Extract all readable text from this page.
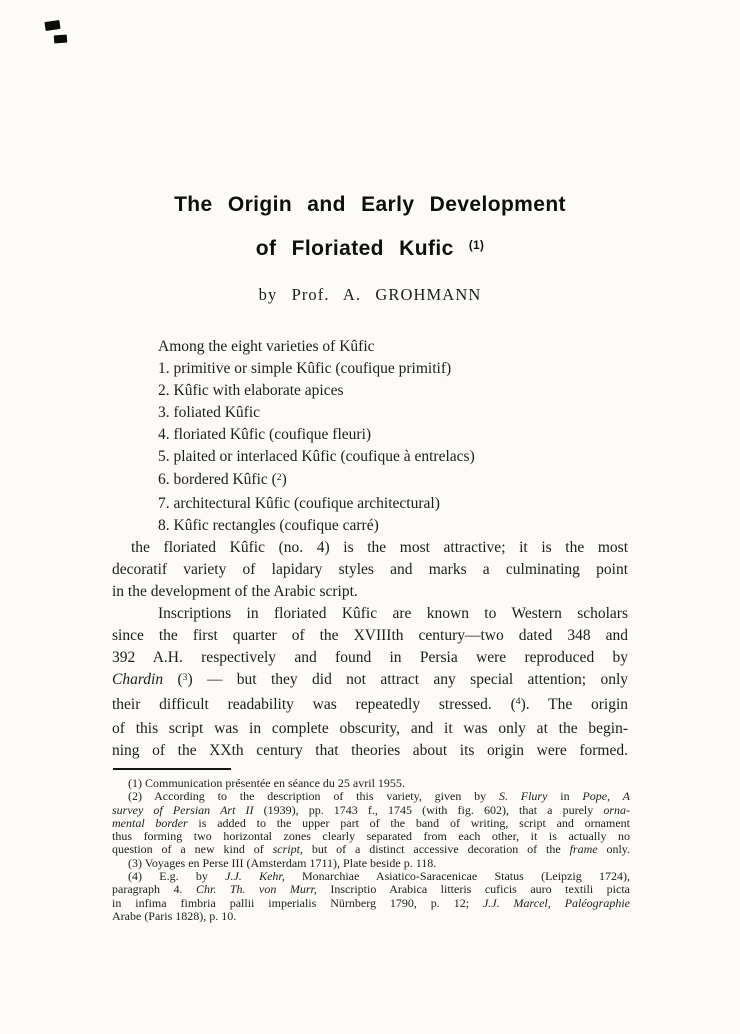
The Origin and Early Development
of Floriated Kufic $^{(1)}$
by Prof. A. GROHMANN
Among the eight varieties of Kûfic
1. primitive or simple Kûfic (coufique primitif)
2. Kûfic with elaborate apices
3. foliated Kûfic
4. floriated Kûfic (coufique fleuri)
5. plaited or interlaced Kûfic (coufique à entrelacs)
6. bordered Kûfic ($^2$)
7. architectural Kûfic (coufique architectural)
8. Kûfic rectangles (coufique carré)
the floriated Kûfic (no. 4) is the most attractive; it is the most
decoratif variety of lapidary styles and marks a culminating point
in the development of the Arabic script.
Inscriptions in floriated Kûfic are known to Western scholars
since the first quarter of the XVIIIth century—two dated 348 and
392 A.H. respectively and found in Persia were reproduced by
Chardin ($^3$) — but they did not attract any special attention; only
their difficult readability was repeatedly stressed. ($^4$). The origin
of this script was in complete obscurity, and it was only at the begin-
ning of the XXth century that theories about its origin were formed.
(1) Communication présentée en séance du 25 avril 1955.
(2) According to the description of this variety, given by S. Flury in Pope, A
survey of Persian Art II (1939), pp. 1743 f., 1745 (with fig. 602), that a purely orna-
mental border is added to the upper part of the band of writing, script and ornament
thus forming two horizontal zones clearly separated from each other, it is actually no
question of a new kind of script, but of a distinct accessive decoration of the frame only.
(3) Voyages en Perse III (Amsterdam 1711), Plate beside p. 118.
(4) E.g. by J.J. Kehr, Monarchiae Asiatico-Saracenicae Status (Leipzig 1724),
paragraph 4. Chr. Th. von Murr, Inscriptio Arabica litteris cuficis auro textili picta
in infima fimbria pallii imperialis Nürnberg 1790, p. 12; J.J. Marcel, Paléographie
Arabe (Paris 1828), p. 10.
